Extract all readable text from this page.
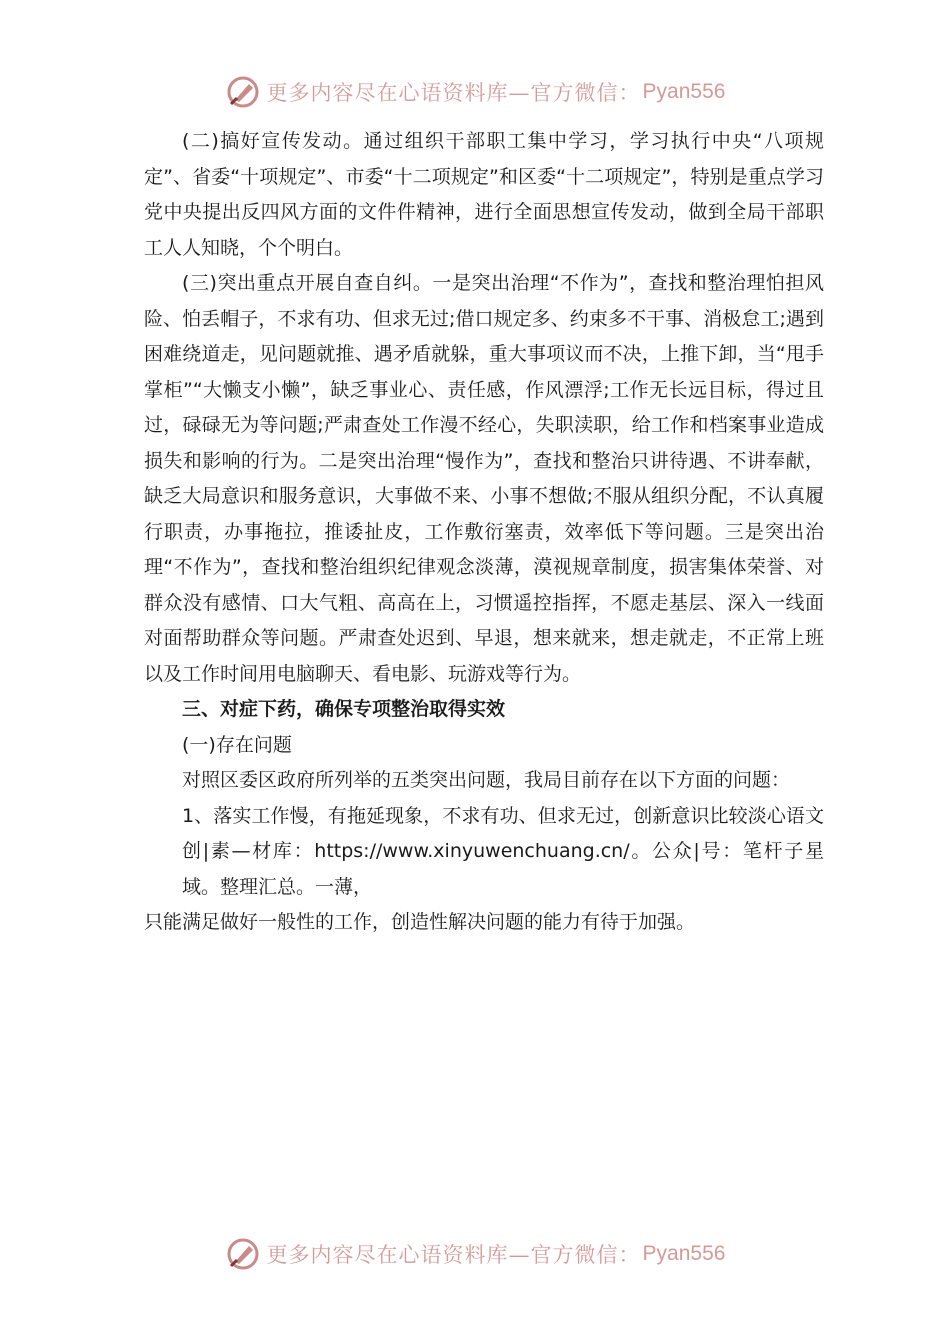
更多内容尽在心语资料库—官方微信： Pyan556

(二)搞好宣传发动。通过组织干部职工集中学习，学习执行中央“八项规定”、省委“十项规定”、市委“十二项规定”和区委“十二项规定”，特别是重点学习党中央提出反四风方面的文件件精神，进行全面思想宣传发动，做到全局干部职工人人知晓，个个明白。

(三)突出重点开展自查自纠。一是突出治理“不作为”，查找和整治理怕担风险、怕丢帽子，不求有功、但求无过;借口规定多、约束多不干事、消极怠工;遇到困难绕道走，见问题就推、遇矛盾就躲，重大事项议而不决，上推下卸，当“甩手掌柜”“大懒支小懒”，缺乏事业心、责任感，作风漂浮;工作无长远目标，得过且过，碌碌无为等问题;严肃查处工作漫不经心，失职渎职，给工作和档案事业造成损失和影响的行为。二是突出治理“慢作为”，查找和整治只讲待遇、不讲奉献，缺乏大局意识和服务意识，大事做不来、小事不想做;不服从组织分配，不认真履行职责，办事拖拉，推诿扯皮，工作敷衍塞责，效率低下等问题。三是突出治理“不作为”，查找和整治组织纪律观念淡薄，漠视规章制度，损害集体荣誉、对群众没有感情、口大气粗、高高在上，习惯遥控指挥，不愿走基层、深入一线面对面帮助群众等问题。严肃查处迟到、早退，想来就来，想走就走，不正常上班以及工作时间用电脑聊天、看电影、玩游戏等行为。

三、对症下药，确保专项整治取得实效

(一)存在问题

对照区委区政府所列举的五类突出问题，我局目前存在以下方面的问题：

1、落实工作慢，有拖延现象，不求有功、但求无过，创新意识比较淡心语文创|素—材库：https://www.xinyuwenchuang.cn/。公众|号：笔杆子星域。整理汇总。一薄，

只能满足做好一般性的工作，创造性解决问题的能力有待于加强。

更多内容尽在心语资料库—官方微信： Pyan556
